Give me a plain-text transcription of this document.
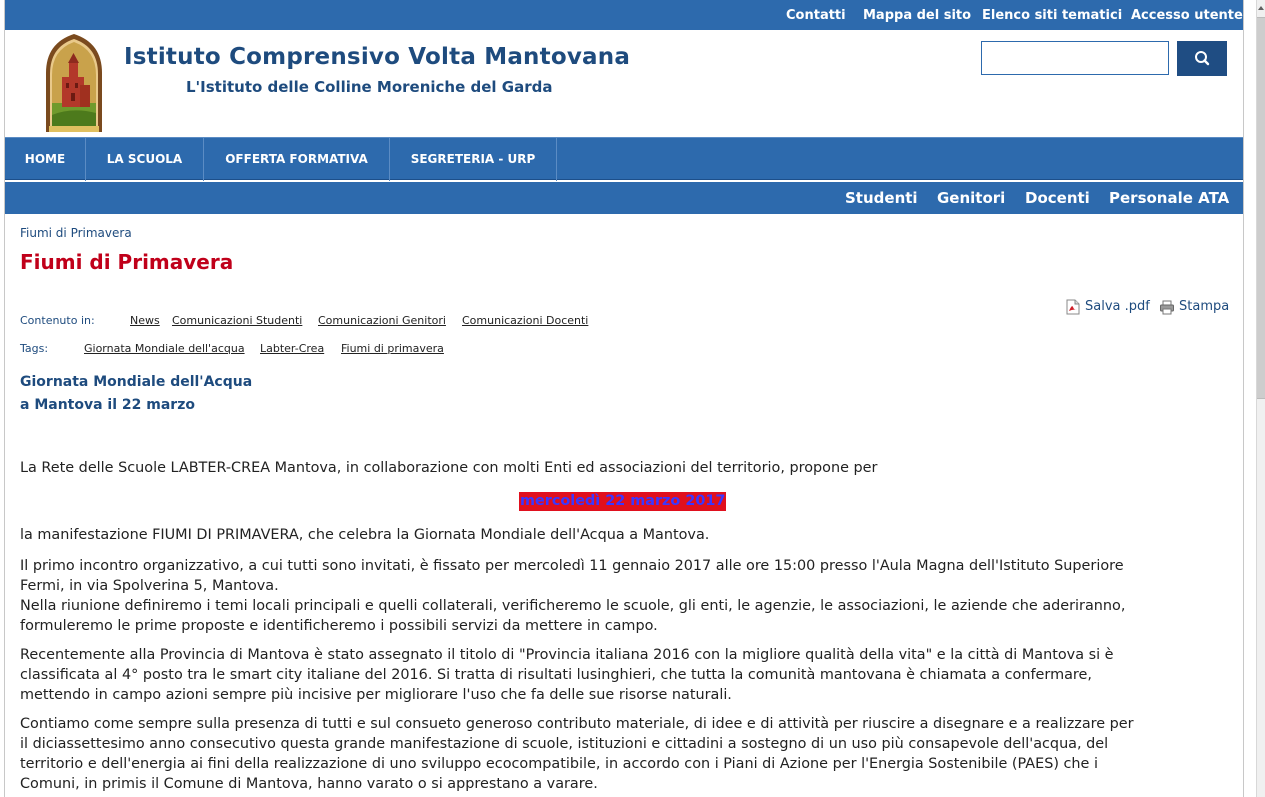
Contatti Mappa del sito Elenco siti tematici Accesso utente
Istituto Comprensivo Volta Mantovana
L'Istituto delle Colline Moreniche del Garda
HOME	LA SCUOLA	OFFERTA FORMATIVA	SEGRETERIA - URP
Studenti Genitori Docenti Personale ATA
Fiumi di Primavera
Fiumi di Primavera
Salva .pdf Stampa
Contenuto in:	News Comunicazioni Studenti Comunicazioni Genitori Comunicazioni Docenti
Tags:	Giornata Mondiale dell'acqua Labter-Crea Fiumi di primavera
Giornata Mondiale dell'Acqua
a Mantova il 22 marzo
La Rete delle Scuole LABTER-CREA Mantova, in collaborazione con molti Enti ed associazioni del territorio, propone per
mercoledì 22 marzo 2017
la manifestazione FIUMI DI PRIMAVERA, che celebra la Giornata Mondiale dell'Acqua a Mantova.
Il primo incontro organizzativo, a cui tutti sono invitati, è fissato per mercoledì 11 gennaio 2017 alle ore 15:00 presso l'Aula Magna dell'Istituto Superiore
Fermi, in via Spolverina 5, Mantova.
Nella riunione definiremo i temi locali principali e quelli collaterali, verificheremo le scuole, gli enti, le agenzie, le associazioni, le aziende che aderiranno,
formuleremo le prime proposte e identificheremo i possibili servizi da mettere in campo.
Recentemente alla Provincia di Mantova è stato assegnato il titolo di "Provincia italiana 2016 con la migliore qualità della vita" e la città di Mantova si è
classificata al 4° posto tra le smart city italiane del 2016. Si tratta di risultati lusinghieri, che tutta la comunità mantovana è chiamata a confermare,
mettendo in campo azioni sempre più incisive per migliorare l'uso che fa delle sue risorse naturali.
Contiamo come sempre sulla presenza di tutti e sul consueto generoso contributo materiale, di idee e di attività per riuscire a disegnare e a realizzare per
il diciassettesimo anno consecutivo questa grande manifestazione di scuole, istituzioni e cittadini a sostegno di un uso più consapevole dell'acqua, del
territorio e dell'energia ai fini della realizzazione di uno sviluppo ecocompatibile, in accordo con i Piani di Azione per l'Energia Sostenibile (PAES) che i
Comuni, in primis il Comune di Mantova, hanno varato o si apprestano a varare.
